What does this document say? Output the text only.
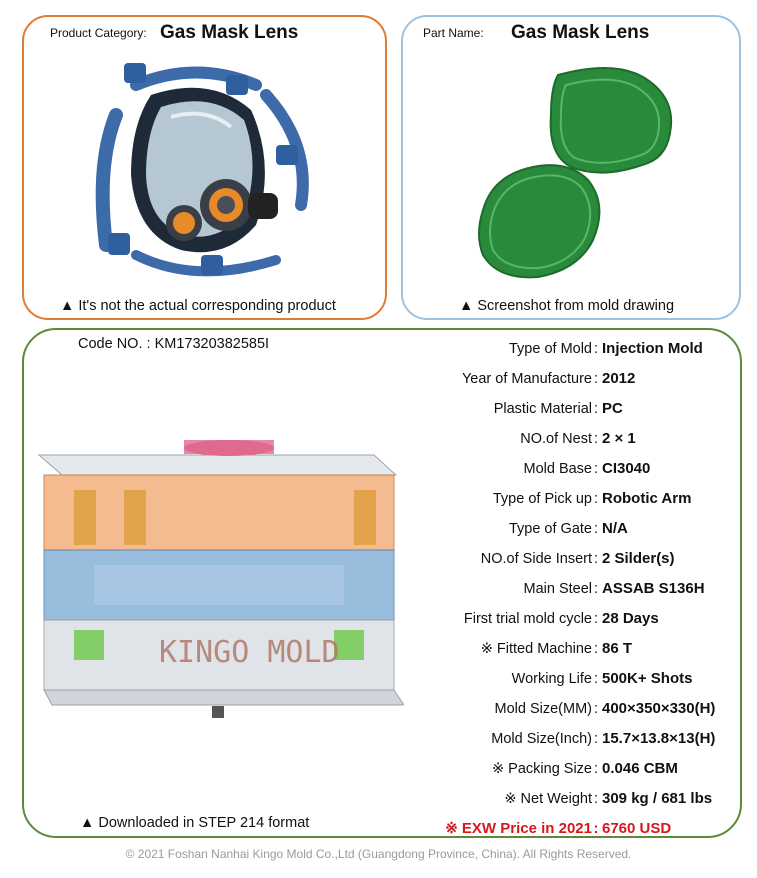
Product Category: Gas Mask Lens
▲ It's not the actual corresponding product
Part Name: Gas Mask Lens
▲ Screenshot from mold drawing
Code NO. : KM17320382585I
KINGO MOLD
▲ Downloaded in STEP 214 format
Type of Mold : Injection Mold
Year of Manufacture : 2012
Plastic Material : PC
NO.of Nest : 2 × 1
Mold Base : CI3040
Type of Pick up : Robotic Arm
Type of Gate : N/A
NO.of Side Insert : 2 Silder(s)
Main Steel : ASSAB S136H
First trial mold cycle : 28 Days
※ Fitted Machine : 86 T
Working Life : 500K+ Shots
Mold Size(MM) : 400×350×330(H)
Mold Size(Inch) : 15.7×13.8×13(H)
※ Packing Size : 0.046 CBM
※ Net Weight : 309 kg / 681 lbs
※ EXW Price in 2021 : 6760 USD
© 2021 Foshan Nanhai Kingo Mold Co.,Ltd (Guangdong Province, China). All Rights Reserved.
